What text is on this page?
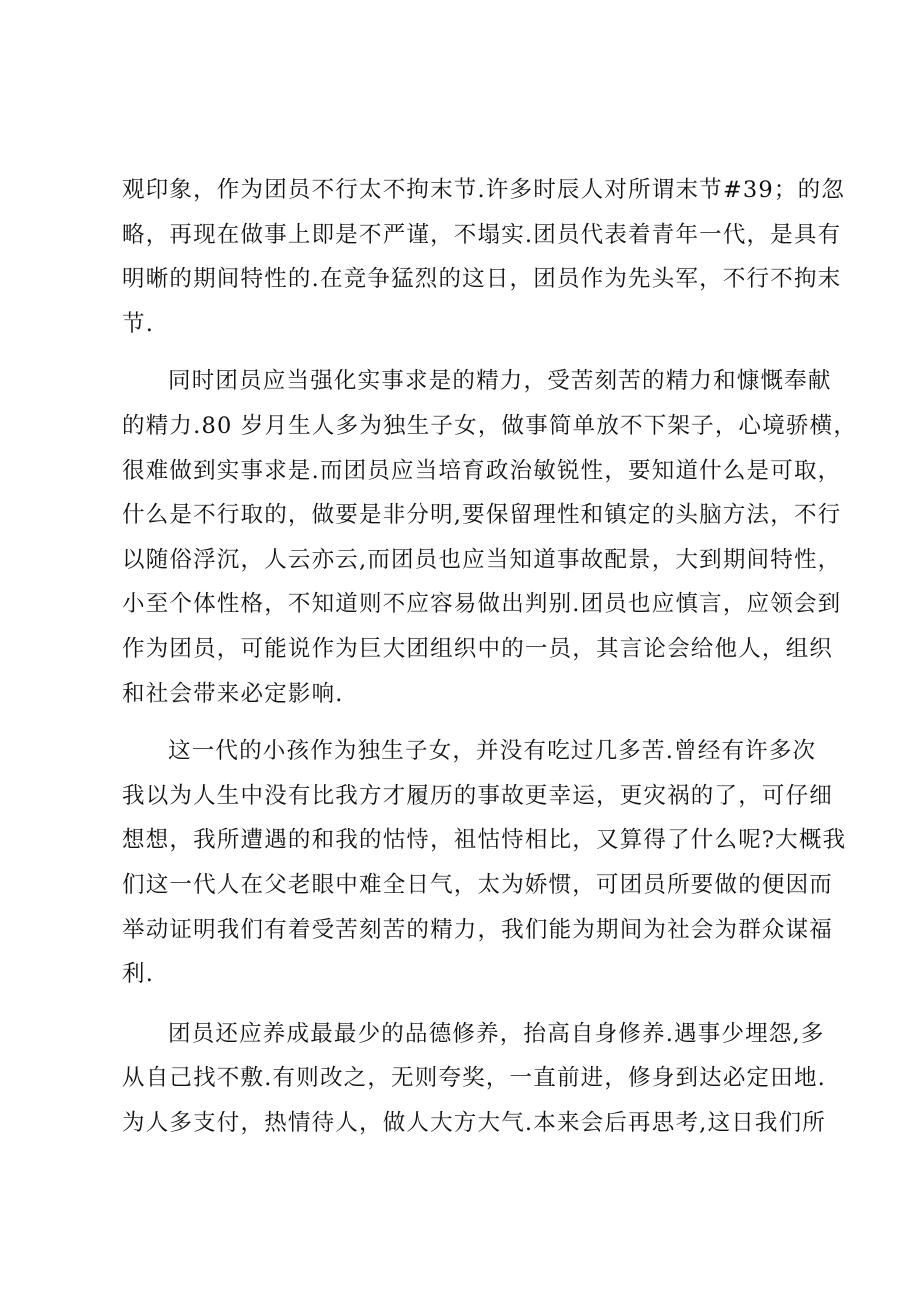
观印象，作为团员不行太不拘末节.许多时辰人对所谓末节#39；的忽
略，再现在做事上即是不严谨，不塌实.团员代表着青年一代，是具有
明晰的期间特性的.在竞争猛烈的这日，团员作为先头军，不行不拘末
节.
同时团员应当强化实事求是的精力，受苦刻苦的精力和慷慨奉献
的精力.80 岁月生人多为独生子女，做事简单放不下架子，心境骄横，
很难做到实事求是.而团员应当培育政治敏锐性，要知道什么是可取，
什么是不行取的，做要是非分明,要保留理性和镇定的头脑方法，不行
以随俗浮沉，人云亦云,而团员也应当知道事故配景，大到期间特性，
小至个体性格，不知道则不应容易做出判别.团员也应慎言，应领会到
作为团员，可能说作为巨大团组织中的一员，其言论会给他人，组织
和社会带来必定影响.
这一代的小孩作为独生子女，并没有吃过几多苦.曾经有许多次
我以为人生中没有比我方才履历的事故更幸运，更灾祸的了，可仔细
想想，我所遭遇的和我的怙恃，祖怙恃相比，又算得了什么呢?大概我
们这一代人在父老眼中难全日气，太为娇惯，可团员所要做的便因而
举动证明我们有着受苦刻苦的精力，我们能为期间为社会为群众谋福
利.
团员还应养成最最少的品德修养，抬高自身修养.遇事少埋怨,多
从自己找不敷.有则改之，无则夸奖，一直前进，修身到达必定田地.
为人多支付，热情待人，做人大方大气.本来会后再思考,这日我们所
